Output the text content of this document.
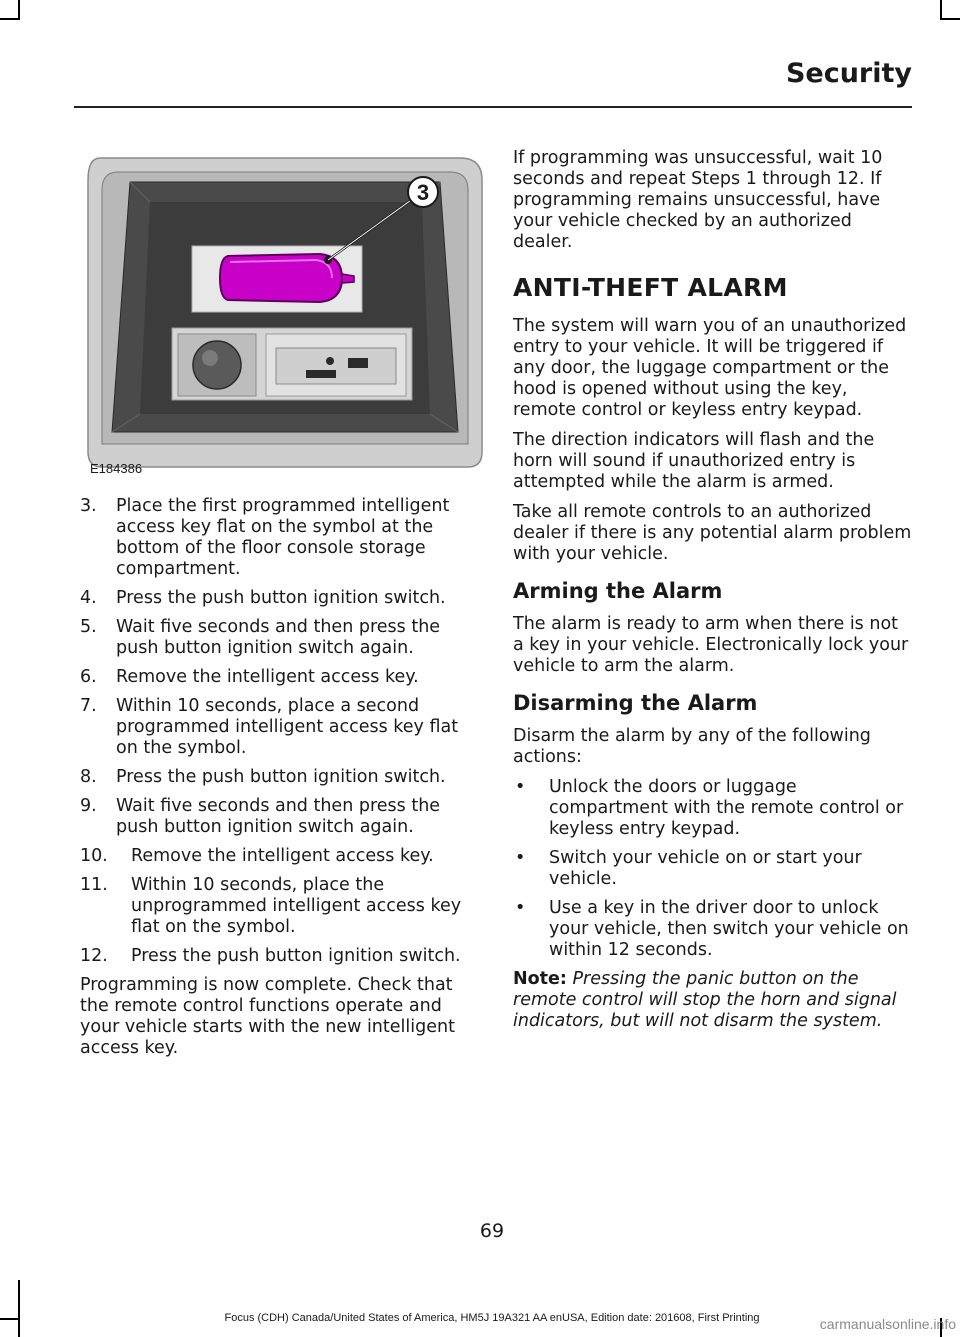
Security
3
E184386
3. Place the first programmed intelligent access key flat on the symbol at the bottom of the floor console storage compartment.
4. Press the push button ignition switch.
5. Wait five seconds and then press the push button ignition switch again.
6. Remove the intelligent access key.
7. Within 10 seconds, place a second programmed intelligent access key flat on the symbol.
8. Press the push button ignition switch.
9. Wait five seconds and then press the push button ignition switch again.
10. Remove the intelligent access key.
11. Within 10 seconds, place the unprogrammed intelligent access key flat on the symbol.
12. Press the push button ignition switch.

Programming is now complete. Check that the remote control functions operate and your vehicle starts with the new intelligent access key.

If programming was unsuccessful, wait 10 seconds and repeat Steps 1 through 12. If programming remains unsuccessful, have your vehicle checked by an authorized dealer.

ANTI-THEFT ALARM

The system will warn you of an unauthorized entry to your vehicle. It will be triggered if any door, the luggage compartment or the hood is opened without using the key, remote control or keyless entry keypad.

The direction indicators will flash and the horn will sound if unauthorized entry is attempted while the alarm is armed.

Take all remote controls to an authorized dealer if there is any potential alarm problem with your vehicle.

Arming the Alarm

The alarm is ready to arm when there is not a key in your vehicle. Electronically lock your vehicle to arm the alarm.

Disarming the Alarm

Disarm the alarm by any of the following actions:

• Unlock the doors or luggage compartment with the remote control or keyless entry keypad.
• Switch your vehicle on or start your vehicle.
• Use a key in the driver door to unlock your vehicle, then switch your vehicle on within 12 seconds.

Note: Pressing the panic button on the remote control will stop the horn and signal indicators, but will not disarm the system.

69
Focus (CDH) Canada/United States of America, HM5J 19A321 AA enUSA, Edition date: 201608, First Printing	carmanualsonline.info
